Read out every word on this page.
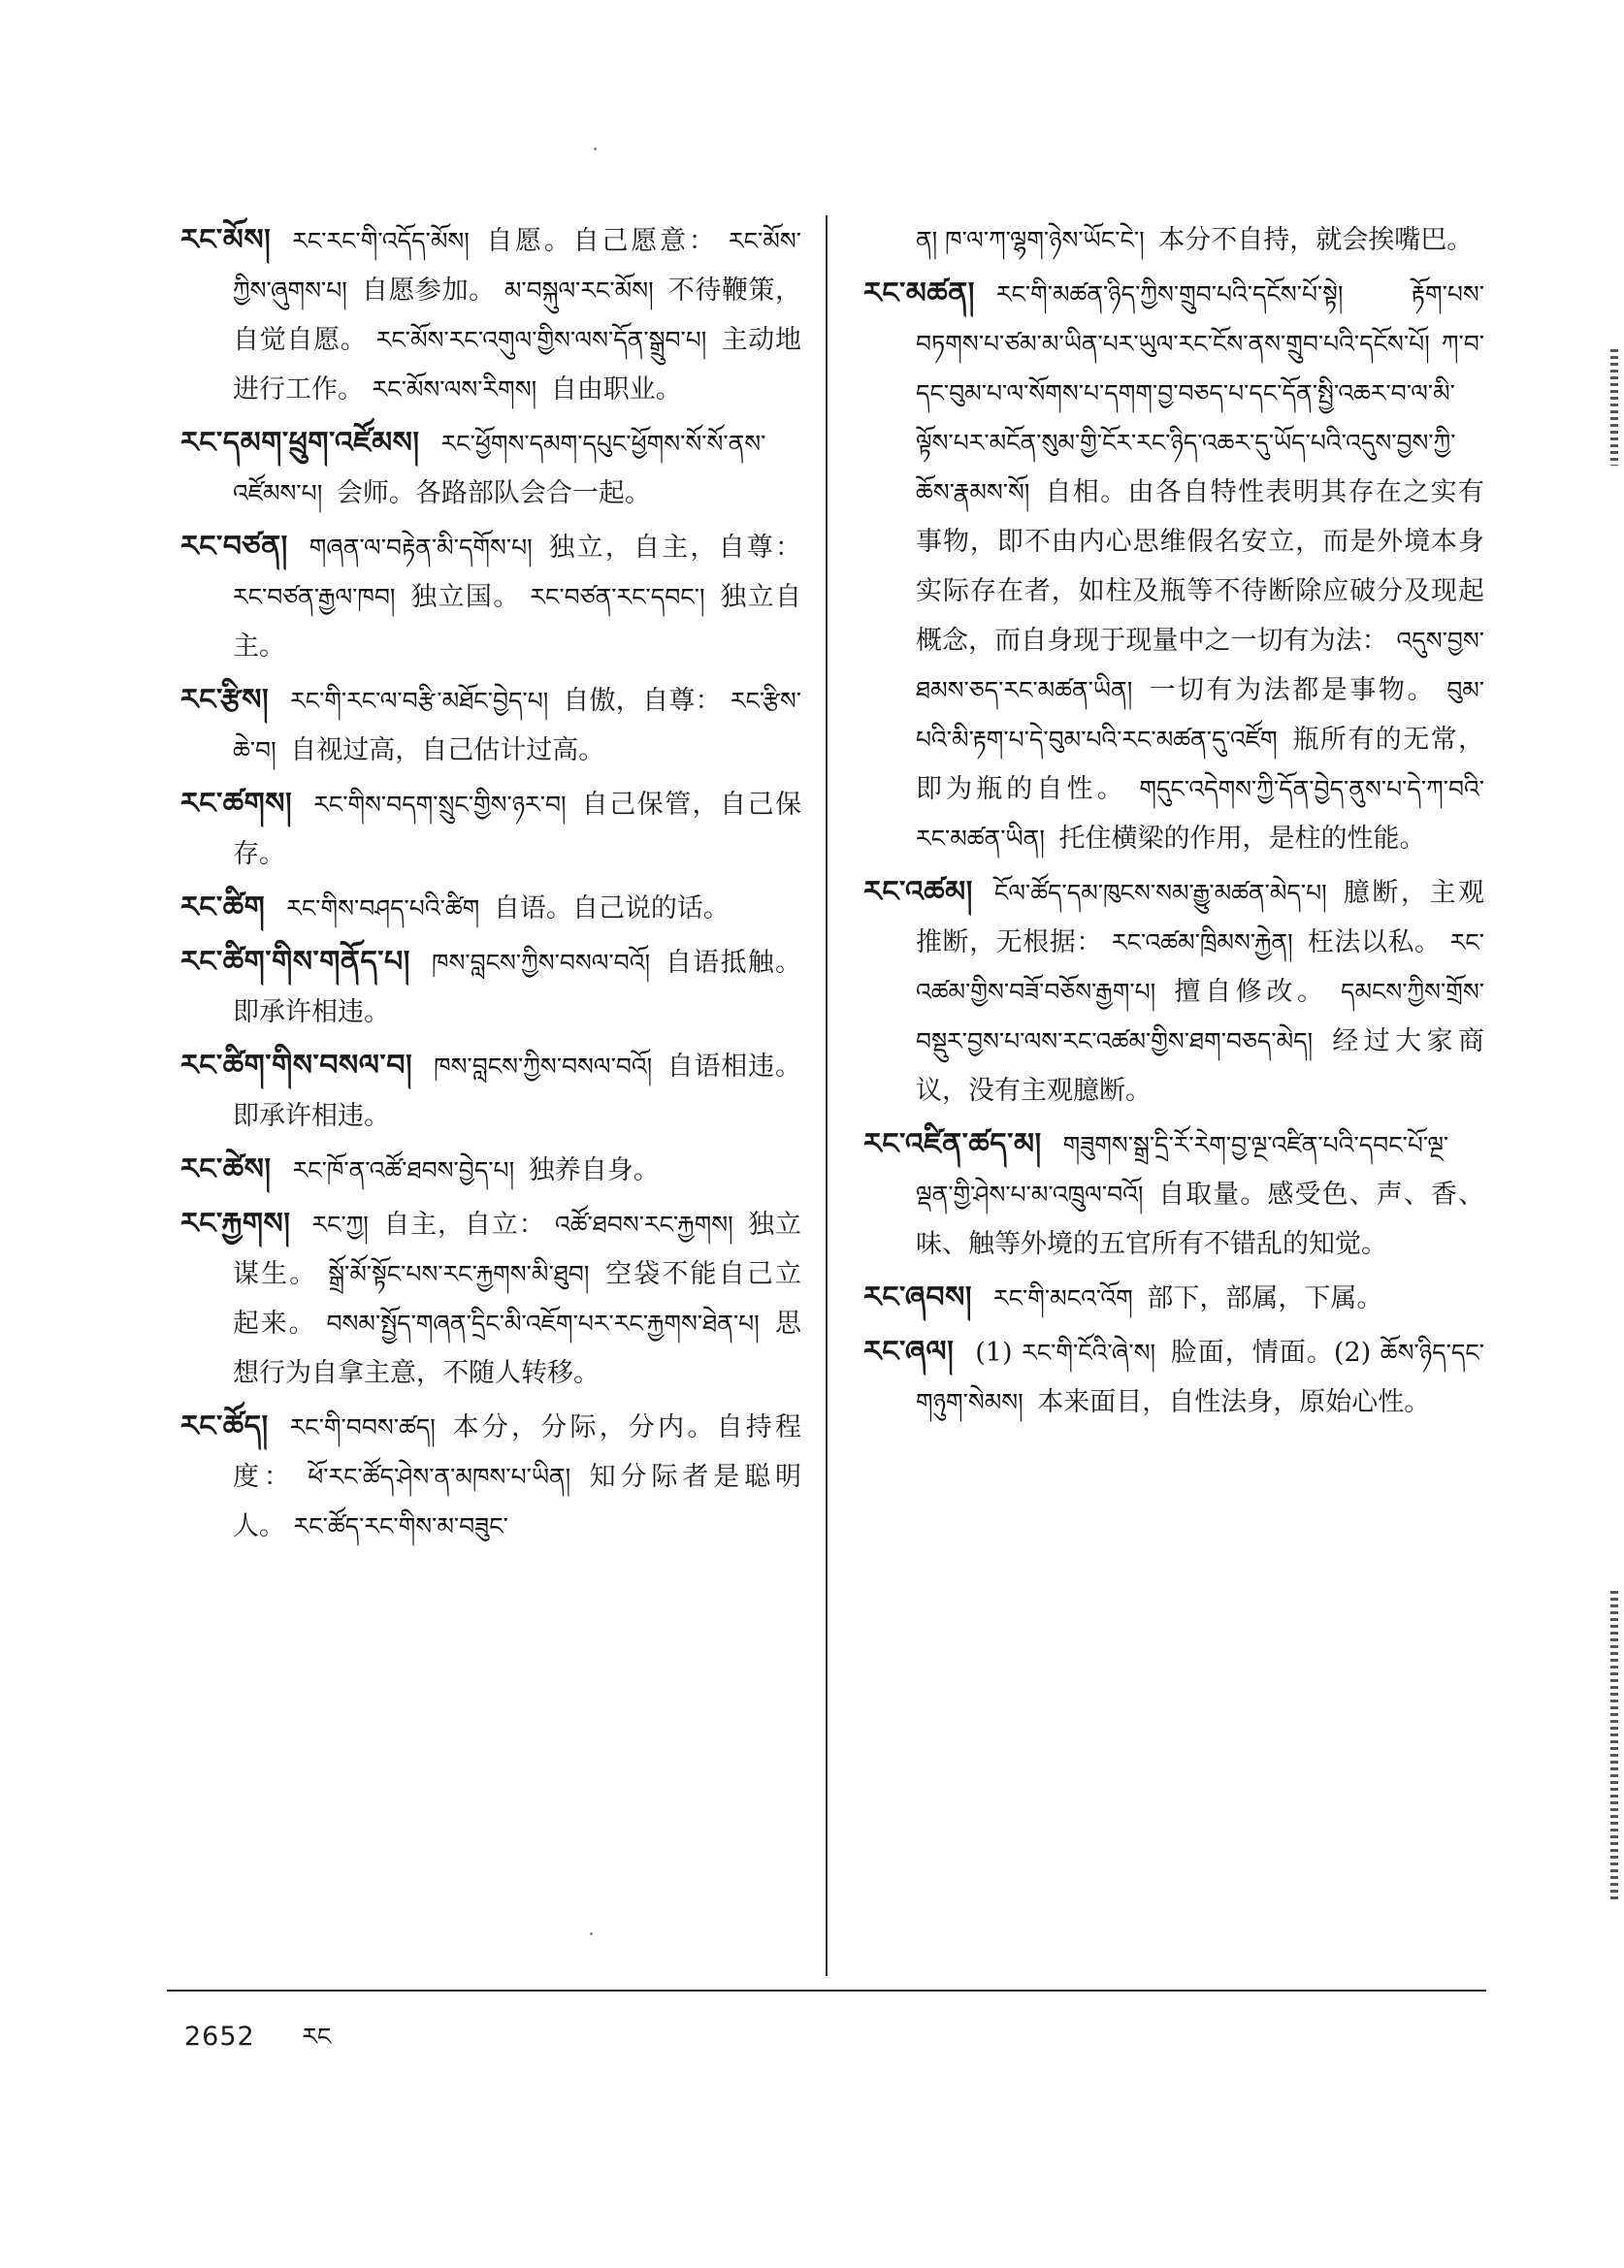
རང་མོས། རང་རང་གི་འདོད་མོས། 自愿。自己愿意： རང་མོས་ཀྱིས་ཞུགས་པ། 自愿参加。 མ་བསྐུལ་རང་མོས། 不待鞭策，自觉自愿。 རང་མོས་རང་འགུལ་གྱིས་ལས་དོན་སྒྲུབ་པ། 主动地进行工作。 རང་མོས་ལས་རིགས། 自由职业。

རང་དམག་ཕྲུག་འཛོམས། རང་ཕྱོགས་དམག་དཔུང་ཕྱོགས་སོ་སོ་ནས་འཛོམས་པ། 会师。各路部队会合一起。

རང་བཙན། གཞན་ལ་བརྟེན་མི་དགོས་པ། 独立，自主，自尊： རང་བཙན་རྒྱལ་ཁབ། 独立国。 རང་བཙན་རང་དབང་། 独立自主。

རང་རྩིས། རང་གི་རང་ལ་བརྩི་མཐོང་བྱེད་པ། 自傲，自尊： རང་རྩིས་ཆེ་བ། 自视过高，自己估计过高。

རང་ཚགས། རང་གིས་བདག་སྲུང་གྱིས་ཉར་བ། 自己保管，自己保存。

རང་ཚིག རང་གིས་བཤད་པའི་ཚིག 自语。自己说的话。

རང་ཚིག་གིས་གནོད་པ། ཁས་བླངས་ཀྱིས་བསལ་བའོ། 自语抵触。即承许相违。

རང་ཚིག་གིས་བསལ་བ། ཁས་བླངས་ཀྱིས་བསལ་བའོ། 自语相违。即承许相违。

རང་ཚེས། རང་ཁོ་ན་འཚོ་ཐབས་བྱེད་པ། 独养自身。

རང་རྐྱགས། རང་ཀྱ། 自主，自立： འཚོ་ཐབས་རང་རྐྱགས། 独立谋生。 སྒྲོ་མོ་སྟོང་པས་རང་རྐྱགས་མི་ཐུབ། 空袋不能自己立起来。 བསམ་སྤྱོད་གཞན་དྲིང་མི་འཇོག་པར་རང་རྐྱགས་ཐེན་པ། 思想行为自拿主意，不随人转移。

རང་ཚོད། རང་གི་བབས་ཚད། 本分，分际，分内。自持程度： ཕོ་རང་ཚོད་ཤེས་ན་མཁས་པ་ཡིན། 知分际者是聪明人。 རང་ཚོད་རང་གིས་མ་བཟུང་

ན། ཁ་ལ་ཀ་ལྷག་ཉེས་ཡོང་ངེ་། 本分不自持，就会挨嘴巴。

རང་མཚན། རང་གི་མཚན་ཉིད་ཀྱིས་གྲུབ་པའི་དངོས་པོ་སྟེ། རྟོག་པས་བཏགས་པ་ཙམ་མ་ཡིན་པར་ཡུལ་རང་ངོས་ནས་གྲུབ་པའི་དངོས་པོ། ཀ་བ་དང་བུམ་པ་ལ་སོགས་པ་དགག་བྱ་བཅད་པ་དང་དོན་སྤྱི་འཆར་བ་ལ་མི་ལྟོས་པར་མངོན་སུམ་གྱི་ངོར་རང་ཉིད་འཆར་དུ་ཡོད་པའི་འདུས་བྱས་ཀྱི་ཆོས་རྣམས་སོ། 自相。由各自特性表明其存在之实有事物，即不由内心思维假名安立，而是外境本身实际存在者，如柱及瓶等不待断除应破分及现起概念，而自身现于现量中之一切有为法： འདུས་བྱས་ཐམས་ཅད་རང་མཚན་ཡིན། 一切有为法都是事物。 བུམ་པའི་མི་རྟག་པ་དེ་བུམ་པའི་རང་མཚན་དུ་འཛོག 瓶所有的无常，即为瓶的自性。 གདུང་འདེགས་ཀྱི་དོན་བྱེད་ནུས་པ་དེ་ཀ་བའི་རང་མཚན་ཡིན། 托住横梁的作用，是柱的性能。

རང་འཚམ། ངོལ་ཚོད་དམ་ཁུངས་སམ་རྒྱུ་མཚན་མེད་པ། 臆断，主观推断，无根据： རང་འཚམ་ཁྲིམས་རྐྱེན། 枉法以私。 རང་འཚམ་གྱིས་བཟོ་བཅོས་རྒྱག་པ། 擅自修改。 དམངས་ཀྱིས་གྲོས་བསྡུར་བྱས་པ་ལས་རང་འཚམ་གྱིས་ཐག་བཅད་མེད། 经过大家商议，没有主观臆断。

རང་འཛིན་ཚད་མ། གཟུགས་སྒྲ་དྲི་རོ་རེག་བྱ་ལྔ་འཛིན་པའི་དབང་པོ་ལྔ་ལྡན་གྱི་ཤེས་པ་མ་འཁྲུལ་བའོ། 自取量。感受色、声、香、味、触等外境的五官所有不错乱的知觉。

རང་ཞབས། རང་གི་མངའ་འོག 部下，部属，下属。

རང་ཞལ། (1) རང་གི་ངོའི་ཞེ་ས། 脸面，情面。(2) ཆོས་ཉིད་དང་གཉུག་སེམས། 本来面目，自性法身，原始心性。

2652 རང
